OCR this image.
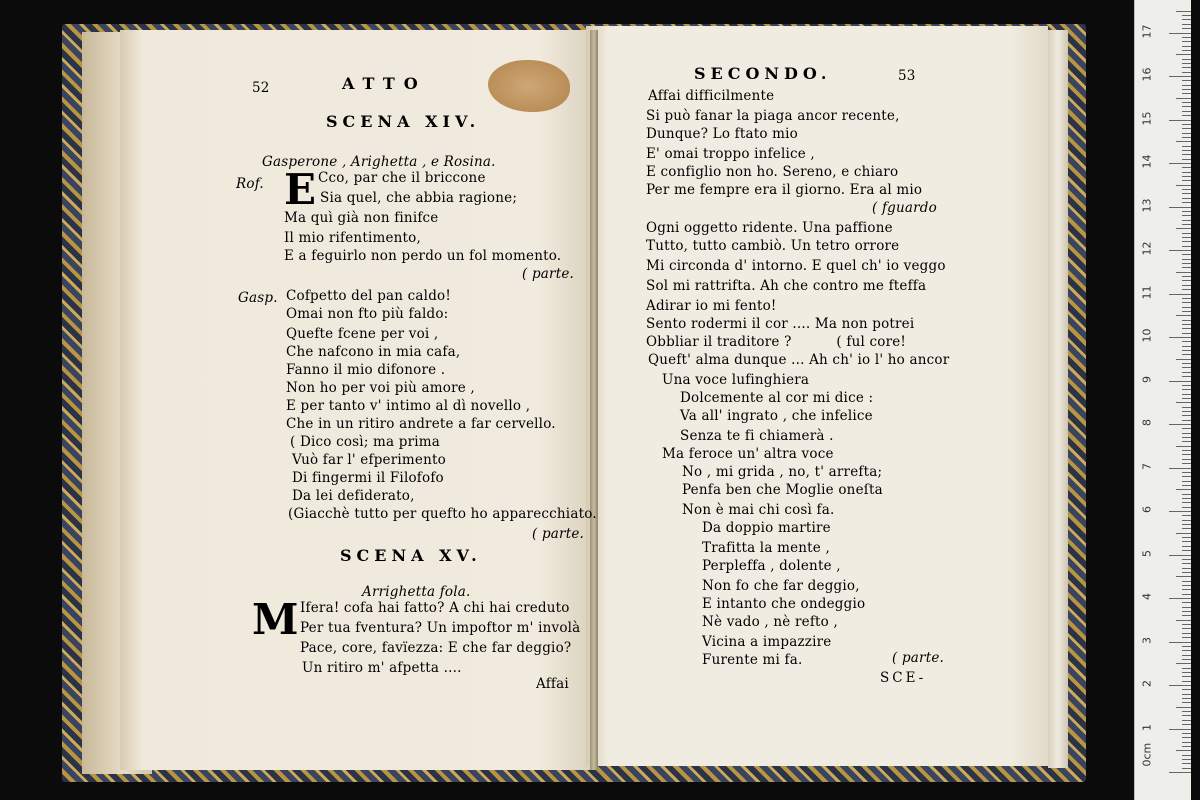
52	ATTO
SCENA XIV.
Gasperone , Arighetta , e Rosina.
Rof. E Cco, par che il briccone
Sia quel, che abbia ragione;
Ma quì già non finifce
Il mio rifentimento,
E a feguirlo non perdo un fol momento.
( parte.
Gasp. Cofpetto del pan caldo!
Omai non fto più faldo:
Quefte fcene per voi ,
Che nafcono in mia cafa,
Fanno il mio difonore .
Non ho per voi più amore ,
E per tanto v' intimo al dì novello ,
Che in un ritiro andrete a far cervello.
( Dico così; ma prima
Vuò far l' efperimento
Di fingermi il Filofofo
Da lei defiderato,
(Giacchè tutto per quefto ho apparecchiato.
( parte.
SCENA XV.
Arrighetta fola.
M Ifera! cofa hai fatto? A chi hai creduto
Per tua fventura? Un impoftor m' involà
Pace, core, favïezza: E che far deggio?
Un ritiro m' afpetta ....
Affai
SECONDO.	53
Affai difficilmente
Si può fanar la piaga ancor recente,
Dunque? Lo ftato mio
E' omai troppo infelice ,
E configlio non ho. Sereno, e chiaro
Per me fempre era il giorno. Era al mio
( fguardo
Ogni oggetto ridente. Una paffione
Tutto, tutto cambiò. Un tetro orrore
Mi circonda d' intorno. E quel ch' io veggo
Sol mi rattrifta. Ah che contro me fteffa
Adirar io mi fento!
Sento rodermi il cor .... Ma non potrei
Obbliar il traditore ?          ( ful core!
Queft' alma dunque ... Ah ch' io l' ho ancor
Una voce lufinghiera
Dolcemente al cor mi dice :
Va all' ingrato , che infelice
Senza te fi chiamerà .
Ma feroce un' altra voce
No , mi grida , no, t' arrefta;
Penfa ben che Moglie oneſta
Non è mai chi così fa.
Da doppio martire
Trafitta la mente ,
Perpleffa , dolente ,
Non fo che far deggio,
E intanto che ondeggio
Nè vado , nè refto ,
Vicina a impazzire
Furente mi fa.	( parte.
SCE-
0cm
1
2
3
4
5
6
7
8
9
10
11
12
13
14
15
16
17
